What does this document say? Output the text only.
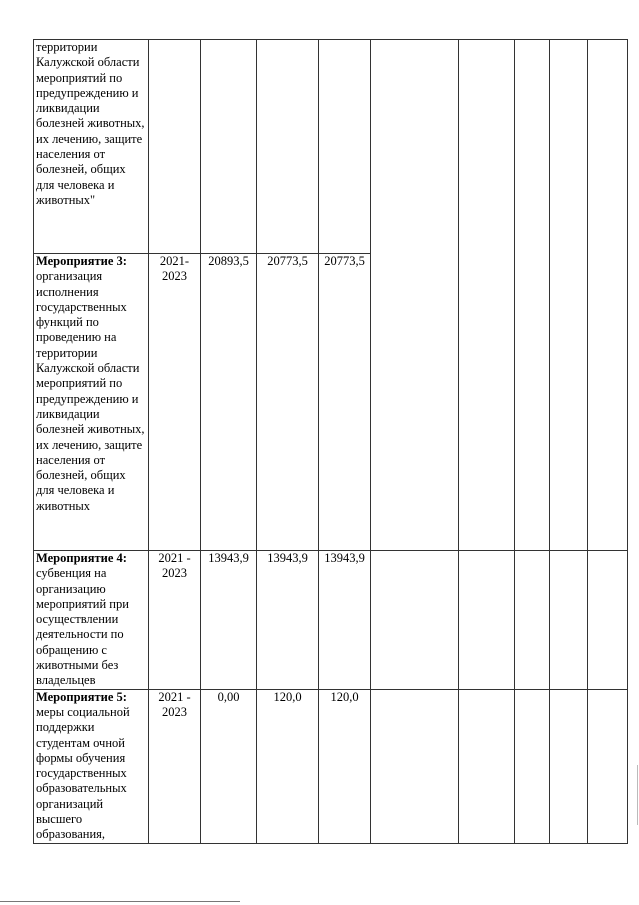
территории Калужской области мероприятий по предупреждению и ликвидации болезней животных, их лечению, защите населения от болезней, общих для человека и животных"									
Мероприятие 3: организация исполнения государственных функций по проведению на территории Калужской области мероприятий по предупреждению и ликвидации болезней животных, их лечению, защите населения от болезней, общих для человека и животных	2021-2023	20893,5	20773,5	20773,5					
Мероприятие 4: субвенция на организацию мероприятий при осуществлении деятельности по обращению с животными без владельцев	2021 - 2023	13943,9	13943,9	13943,9					
Мероприятие 5: меры социальной поддержки студентам очной формы обучения государственных образовательных организаций высшего образования,	2021 - 2023	0,00	120,0	120,0					
